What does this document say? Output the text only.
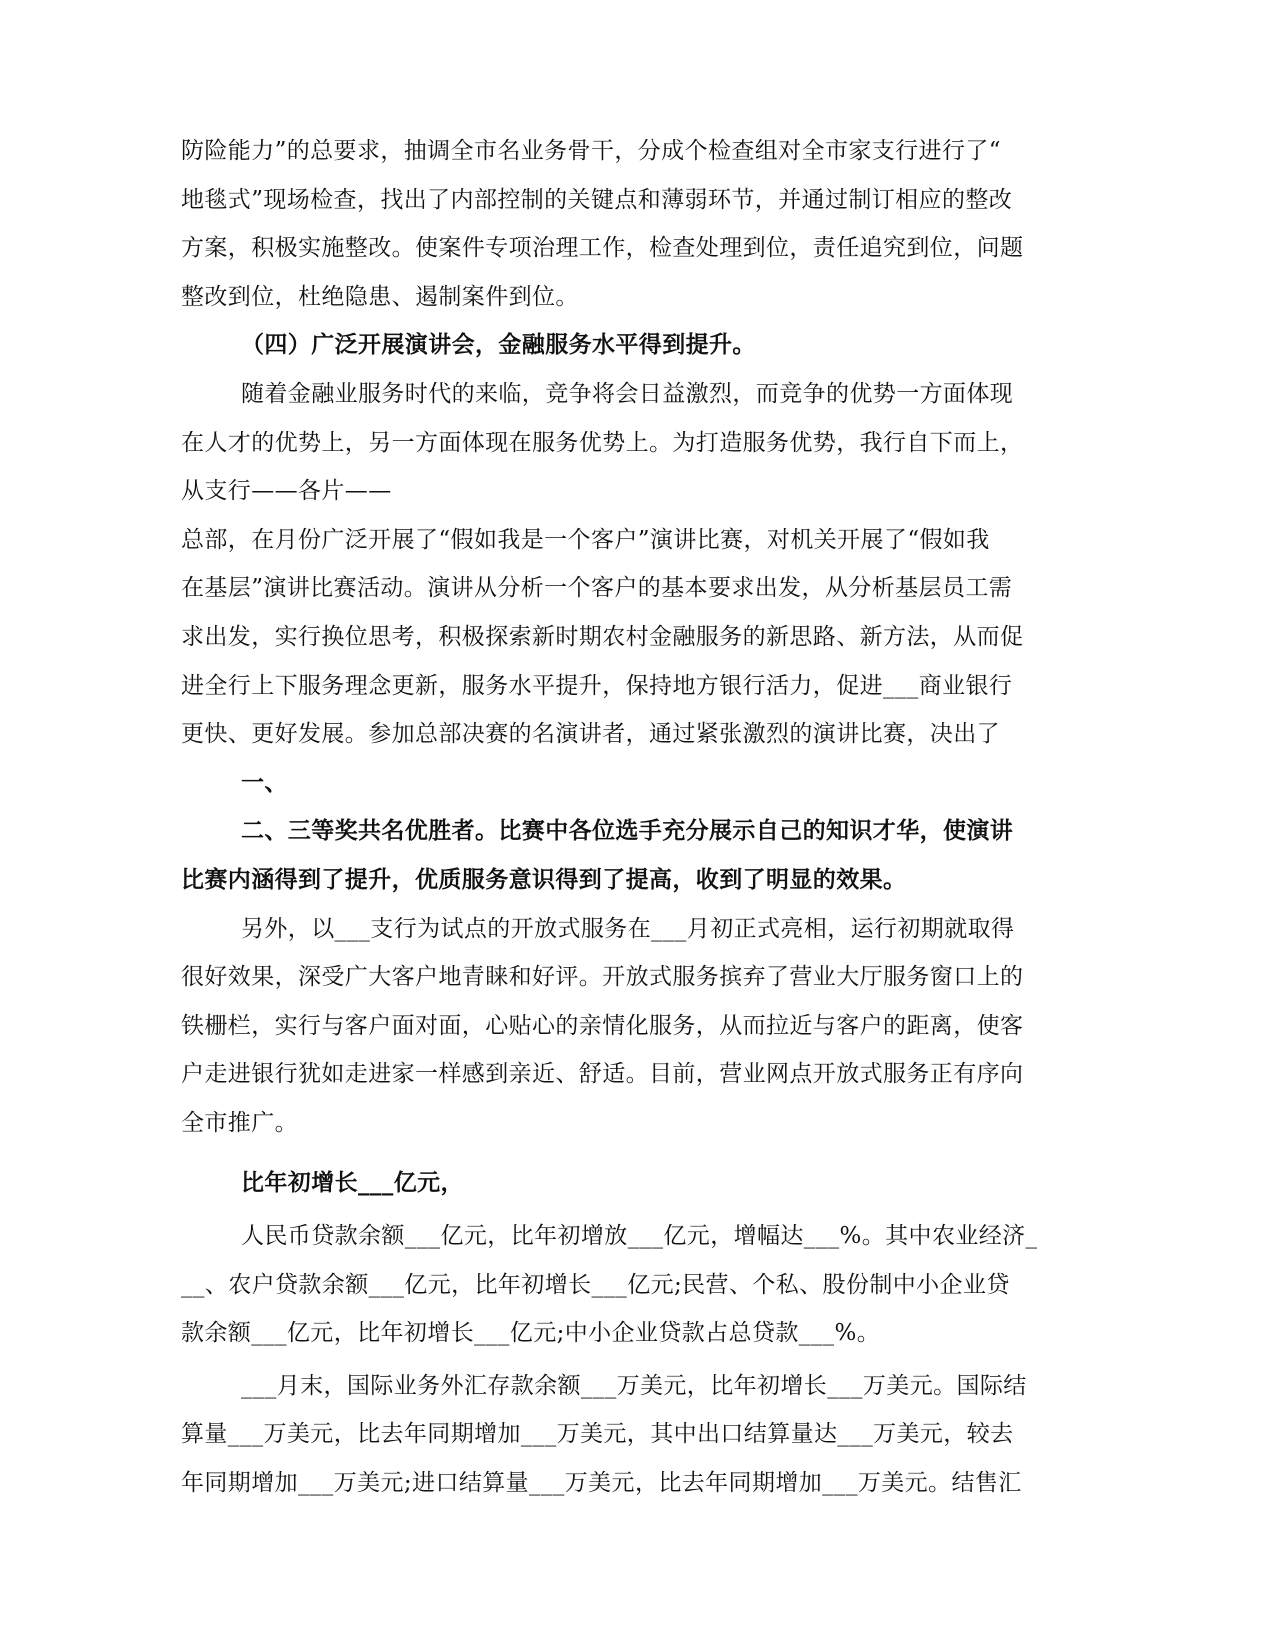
防险能力”的总要求，抽调全市名业务骨干，分成个检查组对全市家支行进行了“
地毯式”现场检查，找出了内部控制的关键点和薄弱环节，并通过制订相应的整改
方案，积极实施整改。使案件专项治理工作，检查处理到位，责任追究到位，问题
整改到位，杜绝隐患、遏制案件到位。

（四）广泛开展演讲会，金融服务水平得到提升。

随着金融业服务时代的来临，竞争将会日益激烈，而竞争的优势一方面体现
在人才的优势上，另一方面体现在服务优势上。为打造服务优势，我行自下而上，
从支行——各片——

总部，在月份广泛开展了“假如我是一个客户”演讲比赛，对机关开展了“假如我
在基层”演讲比赛活动。演讲从分析一个客户的基本要求出发，从分析基层员工需
求出发，实行换位思考，积极探索新时期农村金融服务的新思路、新方法，从而促
进全行上下服务理念更新，服务水平提升，保持地方银行活力，促进___商业银行
更快、更好发展。参加总部决赛的名演讲者，通过紧张激烈的演讲比赛，决出了

一、

二、三等奖共名优胜者。比赛中各位选手充分展示自己的知识才华，使演讲
比赛内涵得到了提升，优质服务意识得到了提高，收到了明显的效果。

另外，以___支行为试点的开放式服务在___月初正式亮相，运行初期就取得
很好效果，深受广大客户地青睐和好评。开放式服务摈弃了营业大厅服务窗口上的
铁栅栏，实行与客户面对面，心贴心的亲情化服务，从而拉近与客户的距离，使客
户走进银行犹如走进家一样感到亲近、舒适。目前，营业网点开放式服务正有序向
全市推广。

比年初增长___亿元，

人民币贷款余额___亿元，比年初增放___亿元，增幅达___%。其中农业经济_
__、农户贷款余额___亿元，比年初增长___亿元;民营、个私、股份制中小企业贷
款余额___亿元，比年初增长___亿元;中小企业贷款占总贷款___%。

___月末，国际业务外汇存款余额___万美元，比年初增长___万美元。国际结
算量___万美元，比去年同期增加___万美元，其中出口结算量达___万美元，较去
年同期增加___万美元;进口结算量___万美元，比去年同期增加___万美元。结售汇
